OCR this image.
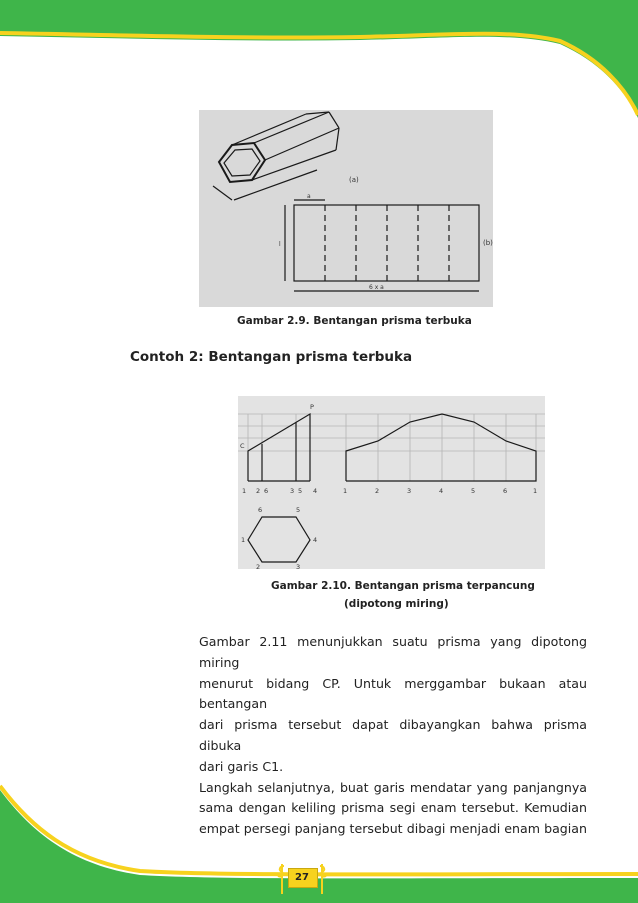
(a)
(b)
a
l
6 x a
Gambar 2.9. Bentangan prisma terbuka
Contoh 2: Bentangan prisma terbuka
P
C
1 2 6	3 5 4	1	2	3	4	5	6	1
6	5
1	4
2	3
Gambar 2.10. Bentangan prisma terpancung
(dipotong miring)
Gambar 2.11 menunjukkan suatu prisma yang dipotong miring
menurut bidang CP. Untuk merggambar bukaan atau bentangan
dari prisma tersebut dapat dibayangkan bahwa prisma dibuka
dari garis C1.
Langkah selanjutnya, buat garis mendatar yang panjangnya
sama dengan keliling prisma segi enam tersebut. Kemudian
empat persegi panjang tersebut dibagi menjadi enam bagian
27
